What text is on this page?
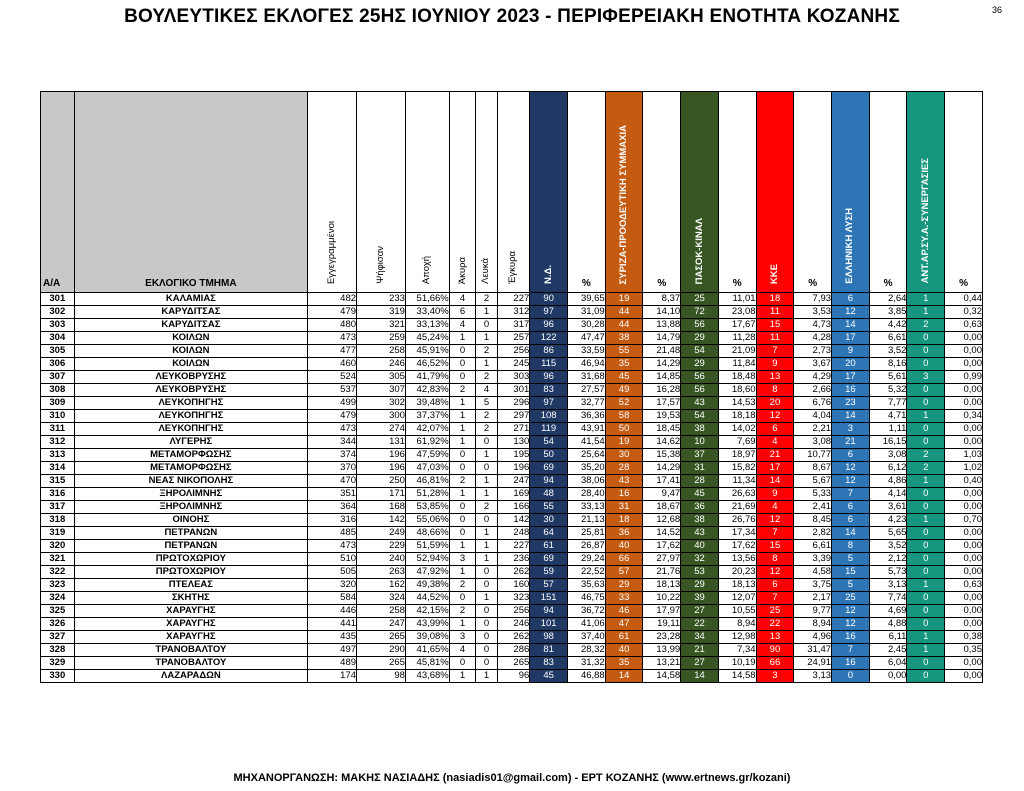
ΒΟΥΛΕΥΤΙΚΕΣ ΕΚΛΟΓΕΣ 25ΗΣ ΙΟΥΝΙΟΥ 2023 - ΠΕΡΙΦΕΡΕΙΑΚΗ ΕΝΟΤΗΤΑ ΚΟΖΑΝΗΣ	36
Α/Α	ΕΚΛΟΓΙΚΟ ΤΜΗΜΑ	Εγγεγραμμένοι	Ψήφισαν	Αποχή	Άκυρα	Λευκά	Έγκυρα	Ν.Δ.	%	ΣΥΡΙΖΑ-ΠΡΟΟΔΕΥΤΙΚΗ ΣΥΜΜΑΧΙΑ	%	ΠΑΣΟΚ-ΚΙΝΑΛ	%	ΚΚΕ	%	ΕΛΛΗΝΙΚΗ ΛΥΣΗ	%	ΑΝΤ.ΑΡ.ΣΥ.Α.-ΣΥΝΕΡΓΑΣΙΕΣ	%

301	ΚΑΛΑΜΙΑΣ	482	233	51,66%	4	2	227	90	39,65	19	8,37	25	11,01	18	7,93	6	2,64	1	0,44
302	ΚΑΡΥΔΙΤΣΑΣ	479	319	33,40%	6	1	312	97	31,09	44	14,10	72	23,08	11	3,53	12	3,85	1	0,32
303	ΚΑΡΥΔΙΤΣΑΣ	480	321	33,13%	4	0	317	96	30,28	44	13,88	56	17,67	15	4,73	14	4,42	2	0,63
304	ΚΟΙΛΩΝ	473	259	45,24%	1	1	257	122	47,47	38	14,79	29	11,28	11	4,28	17	6,61	0	0,00
305	ΚΟΙΛΩΝ	477	258	45,91%	0	2	256	86	33,59	55	21,48	54	21,09	7	2,73	9	3,52	0	0,00
306	ΚΟΙΛΩΝ	460	246	46,52%	0	1	245	115	46,94	35	14,29	29	11,84	9	3,67	20	8,16	0	0,00
307	ΛΕΥΚΟΒΡΥΣΗΣ	524	305	41,79%	0	2	303	96	31,68	45	14,85	56	18,48	13	4,29	17	5,61	3	0,99
308	ΛΕΥΚΟΒΡΥΣΗΣ	537	307	42,83%	2	4	301	83	27,57	49	16,28	56	18,60	8	2,66	16	5,32	0	0,00
309	ΛΕΥΚΟΠΗΓΗΣ	499	302	39,48%	1	5	296	97	32,77	52	17,57	43	14,53	20	6,76	23	7,77	0	0,00
310	ΛΕΥΚΟΠΗΓΗΣ	479	300	37,37%	1	2	297	108	36,36	58	19,53	54	18,18	12	4,04	14	4,71	1	0,34
311	ΛΕΥΚΟΠΗΓΗΣ	473	274	42,07%	1	2	271	119	43,91	50	18,45	38	14,02	6	2,21	3	1,11	0	0,00
312	ΛΥΓΕΡΗΣ	344	131	61,92%	1	0	130	54	41,54	19	14,62	10	7,69	4	3,08	21	16,15	0	0,00
313	ΜΕΤΑΜΟΡΦΩΣΗΣ	374	196	47,59%	0	1	195	50	25,64	30	15,38	37	18,97	21	10,77	6	3,08	2	1,03
314	ΜΕΤΑΜΟΡΦΩΣΗΣ	370	196	47,03%	0	0	196	69	35,20	28	14,29	31	15,82	17	8,67	12	6,12	2	1,02
315	ΝΕΑΣ ΝΙΚΟΠΟΛΗΣ	470	250	46,81%	2	1	247	94	38,06	43	17,41	28	11,34	14	5,67	12	4,86	1	0,40
316	ΞΗΡΟΛΙΜΝΗΣ	351	171	51,28%	1	1	169	48	28,40	16	9,47	45	26,63	9	5,33	7	4,14	0	0,00
317	ΞΗΡΟΛΙΜΝΗΣ	364	168	53,85%	0	2	166	55	33,13	31	18,67	36	21,69	4	2,41	6	3,61	0	0,00
318	ΟΙΝΟΗΣ	316	142	55,06%	0	0	142	30	21,13	18	12,68	38	26,76	12	8,45	6	4,23	1	0,70
319	ΠΕΤΡΑΝΩΝ	485	249	48,66%	0	1	248	64	25,81	36	14,52	43	17,34	7	2,82	14	5,65	0	0,00
320	ΠΕΤΡΑΝΩΝ	473	229	51,59%	1	1	227	61	26,87	40	17,62	40	17,62	15	6,61	8	3,52	0	0,00
321	ΠΡΩΤΟΧΩΡΙΟΥ	510	240	52,94%	3	1	236	69	29,24	66	27,97	32	13,56	8	3,39	5	2,12	0	0,00
322	ΠΡΩΤΟΧΩΡΙΟΥ	505	263	47,92%	1	0	262	59	22,52	57	21,76	53	20,23	12	4,58	15	5,73	0	0,00
323	ΠΤΕΛΕΑΣ	320	162	49,38%	2	0	160	57	35,63	29	18,13	29	18,13	6	3,75	5	3,13	1	0,63
324	ΣΚΗΤΗΣ	584	324	44,52%	0	1	323	151	46,75	33	10,22	39	12,07	7	2,17	25	7,74	0	0,00
325	ΧΑΡΑΥΓΗΣ	446	258	42,15%	2	0	256	94	36,72	46	17,97	27	10,55	25	9,77	12	4,69	0	0,00
326	ΧΑΡΑΥΓΗΣ	441	247	43,99%	1	0	246	101	41,06	47	19,11	22	8,94	22	8,94	12	4,88	0	0,00
327	ΧΑΡΑΥΓΗΣ	435	265	39,08%	3	0	262	98	37,40	61	23,28	34	12,98	13	4,96	16	6,11	1	0,38
328	ΤΡΑΝΟΒΑΛΤΟΥ	497	290	41,65%	4	0	286	81	28,32	40	13,99	21	7,34	90	31,47	7	2,45	1	0,35
329	ΤΡΑΝΟΒΑΛΤΟΥ	489	265	45,81%	0	0	265	83	31,32	35	13,21	27	10,19	66	24,91	16	6,04	0	0,00
330	ΛΑΖΑΡΑΔΩΝ	174	98	43,68%	1	1	96	45	46,88	14	14,58	14	14,58	3	3,13	0	0,00	0	0,00
ΜΗΧΑΝΟΡΓΑΝΩΣΗ: ΜΑΚΗΣ ΝΑΣΙΑΔΗΣ (nasiadis01@gmail.com) - ΕΡΤ ΚΟΖΑΝΗΣ (www.ertnews.gr/kozani)
